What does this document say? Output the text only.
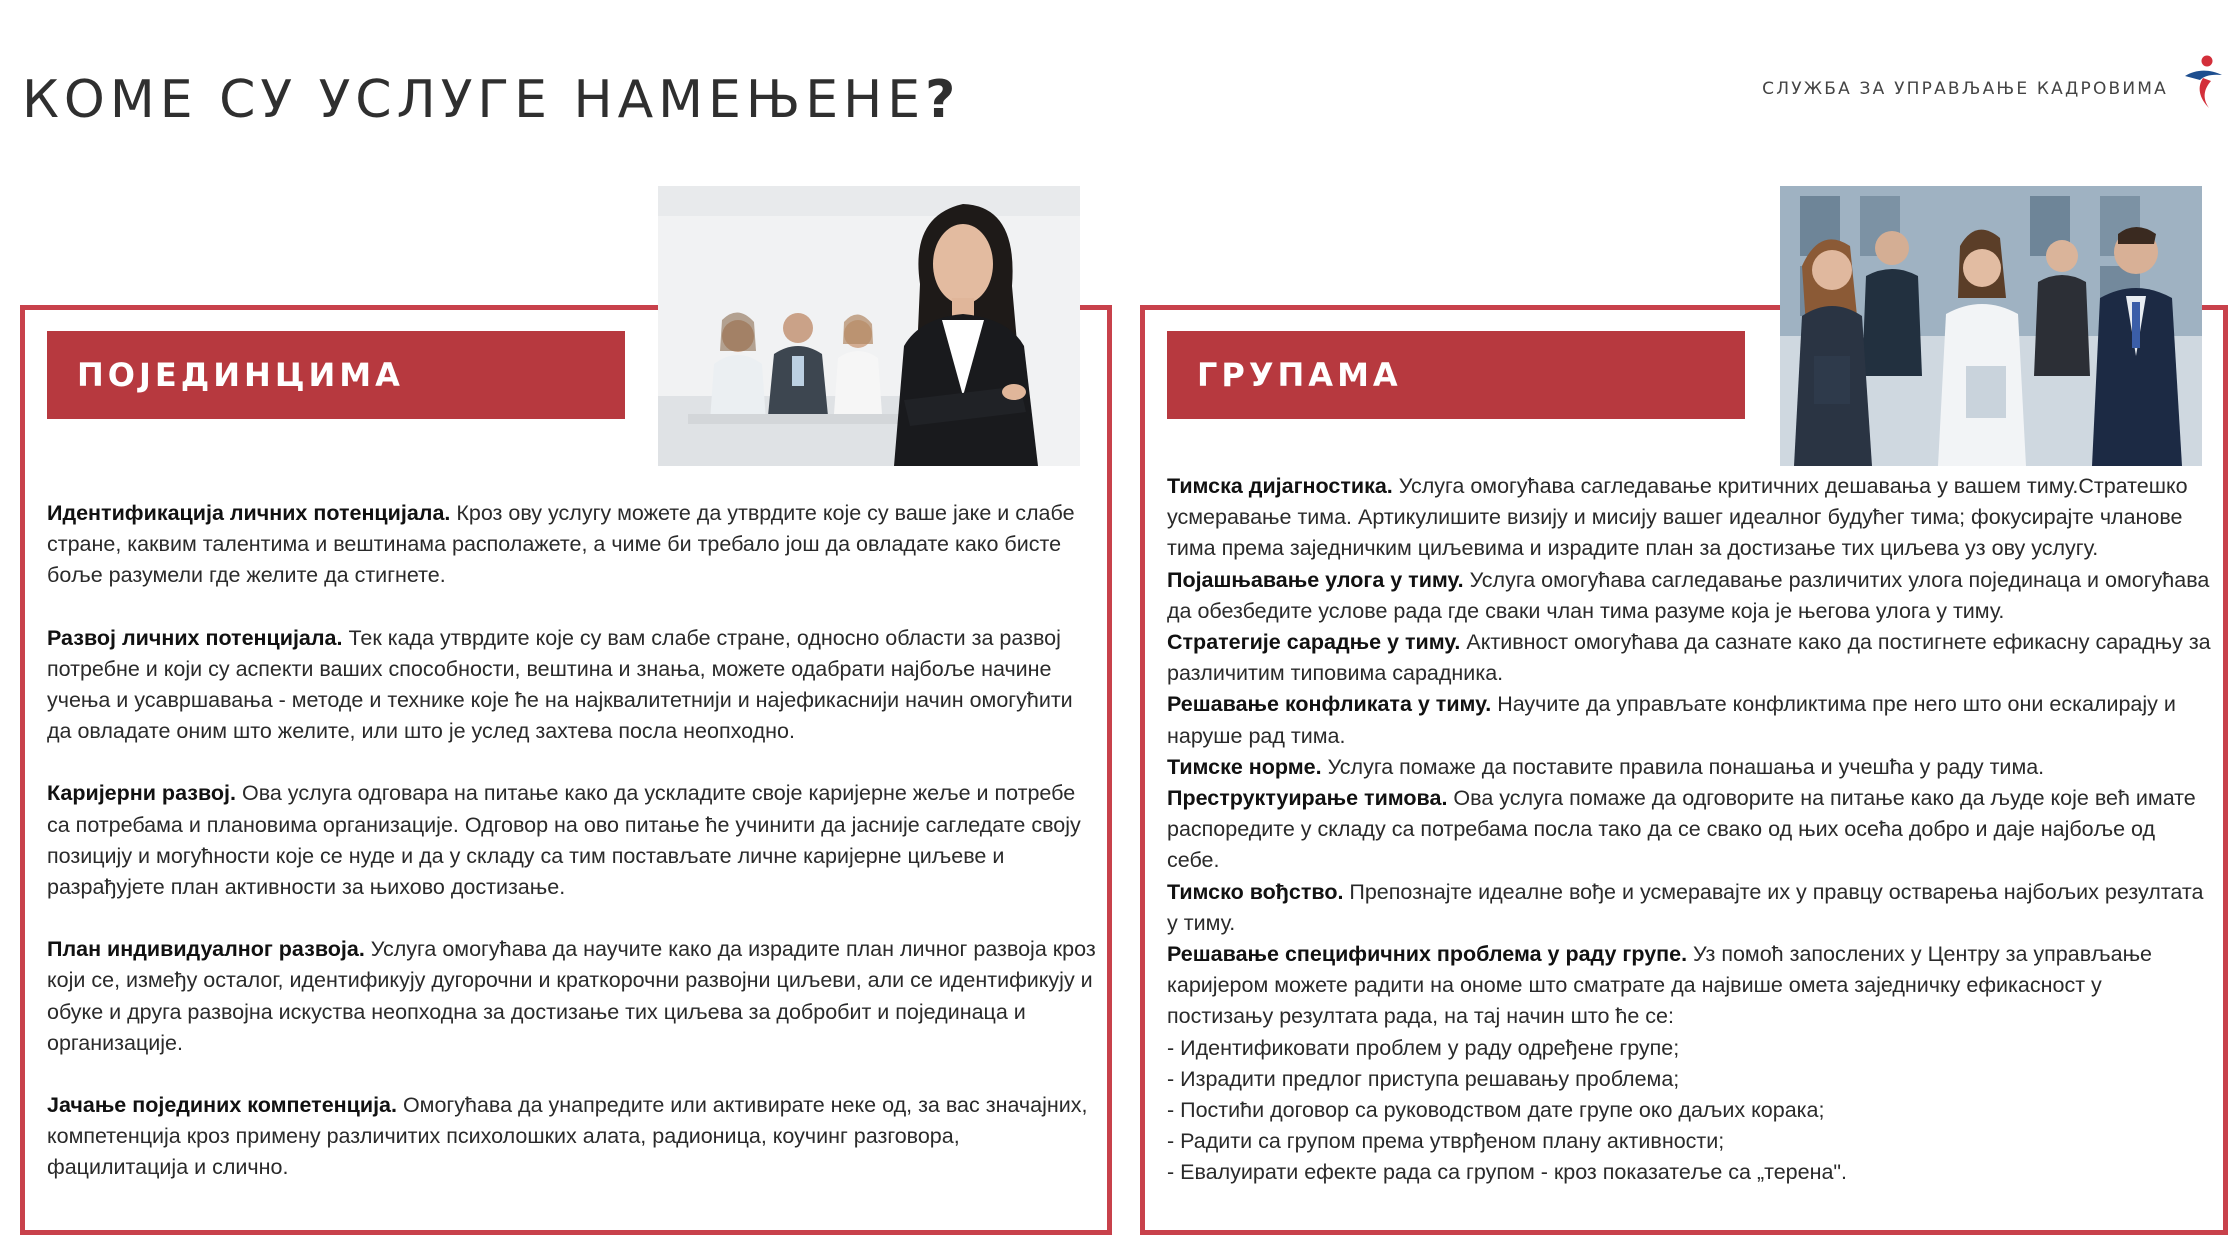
КОМЕ СУ УСЛУГЕ НАМЕЊЕНЕ?	СЛУЖБА ЗА УПРАВЉАЊЕ КАДРОВИМА
ПОЈЕДИНЦИМА

Идентификација личних потенцијала. Кроз ову услугу можете да утврдите које су ваше јаке и слабе стране, каквим талентима и вештинама располажете, а чиме би требало још да овладате како бисте боље разумели где желите да стигнете.

Развој личних потенцијала. Тек када утврдите које су вам слабе стране, односно области за развој потребне и који су аспекти ваших способности, вештина и знања, можете одабрати најбоље начине учења и усавршавања - методе и технике које ће на најквалитетнији и најефикаснији начин омогућити да овладате оним што желите, или што је услед захтева посла неопходно.

Каријерни развој. Ова услуга одговара на питање како да ускладите своје каријерне жеље и потребе са потребама и плановима организације. Одговор на ово питање ће учинити да јасније сагледате своју позицију и могућности које се нуде и да у складу са тим постављате личне каријерне циљеве и разрађујете план активности за њихово достизање.

План индивидуалног развоја. Услуга омогућава да научите како да израдите план личног развоја кроз који се, између осталог, идентификују дугорочни и краткорочни развојни циљеви, али се идентификују и обуке и друга развојна искуства неопходна за достизање тих циљева за добробит и појединаца и организације.

Јачање појединих компетенција. Омогућава да унапредите или активирате неке од, за вас значајних, компетенција кроз примену различитих психолошких алата, радионица, коучинг разговора, фацилитација и слично.

ГРУПАМА

Тимска дијагностика. Услуга омогућава сагледавање критичних дешавања у вашем тиму.Стратешко усмеравање тима. Артикулишите визију и мисију вашег идеалног будућег тима; фокусирајте чланове тима према заједничким циљевима и израдите план за достизање тих циљева уз ову услугу.

Појашњавање улога у тиму. Услуга омогућава сагледавање различитих улога појединаца и омогућава да обезбедите услове рада где сваки члан тима разуме која је његова улога у тиму.

Стратегије сарадње у тиму. Активност омогућава да сазнате како да постигнете ефикасну сарадњу за различитим типовима сарадника.

Решавање конфликата у тиму. Научите да управљате конфликтима пре него што они ескалирају и наруше рад тима.

Тимске норме. Услуга помаже да поставите правила понашања и учешћа у раду тима.

Преструктуирање тимова. Ова услуга помаже да одговорите на питање како да људе које већ имате распоредите у складу са потребама посла тако да се свако од њих осећа добро и даје најбоље од себе.

Тимско вођство. Препознајте идеалне вође и усмеравајте их у правцу остварења најбољих резултата у тиму.

Решавање специфичних проблема у раду групе. Уз помоћ запослених у Центру за управљање каријером можете радити на ономе што сматрате да највише омета заједничку ефикасност у постизању резултата рада, на тај начин што ће се:

- Идентификовати проблем у раду одређене групе;
- Израдити предлог приступа решавању проблема;
- Постићи договор са руководством дате групе око даљих корака;
- Радити са групом према утврђеном плану активности;
- Евалуирати ефекте рада са групом - кроз показатеље са „терена".
